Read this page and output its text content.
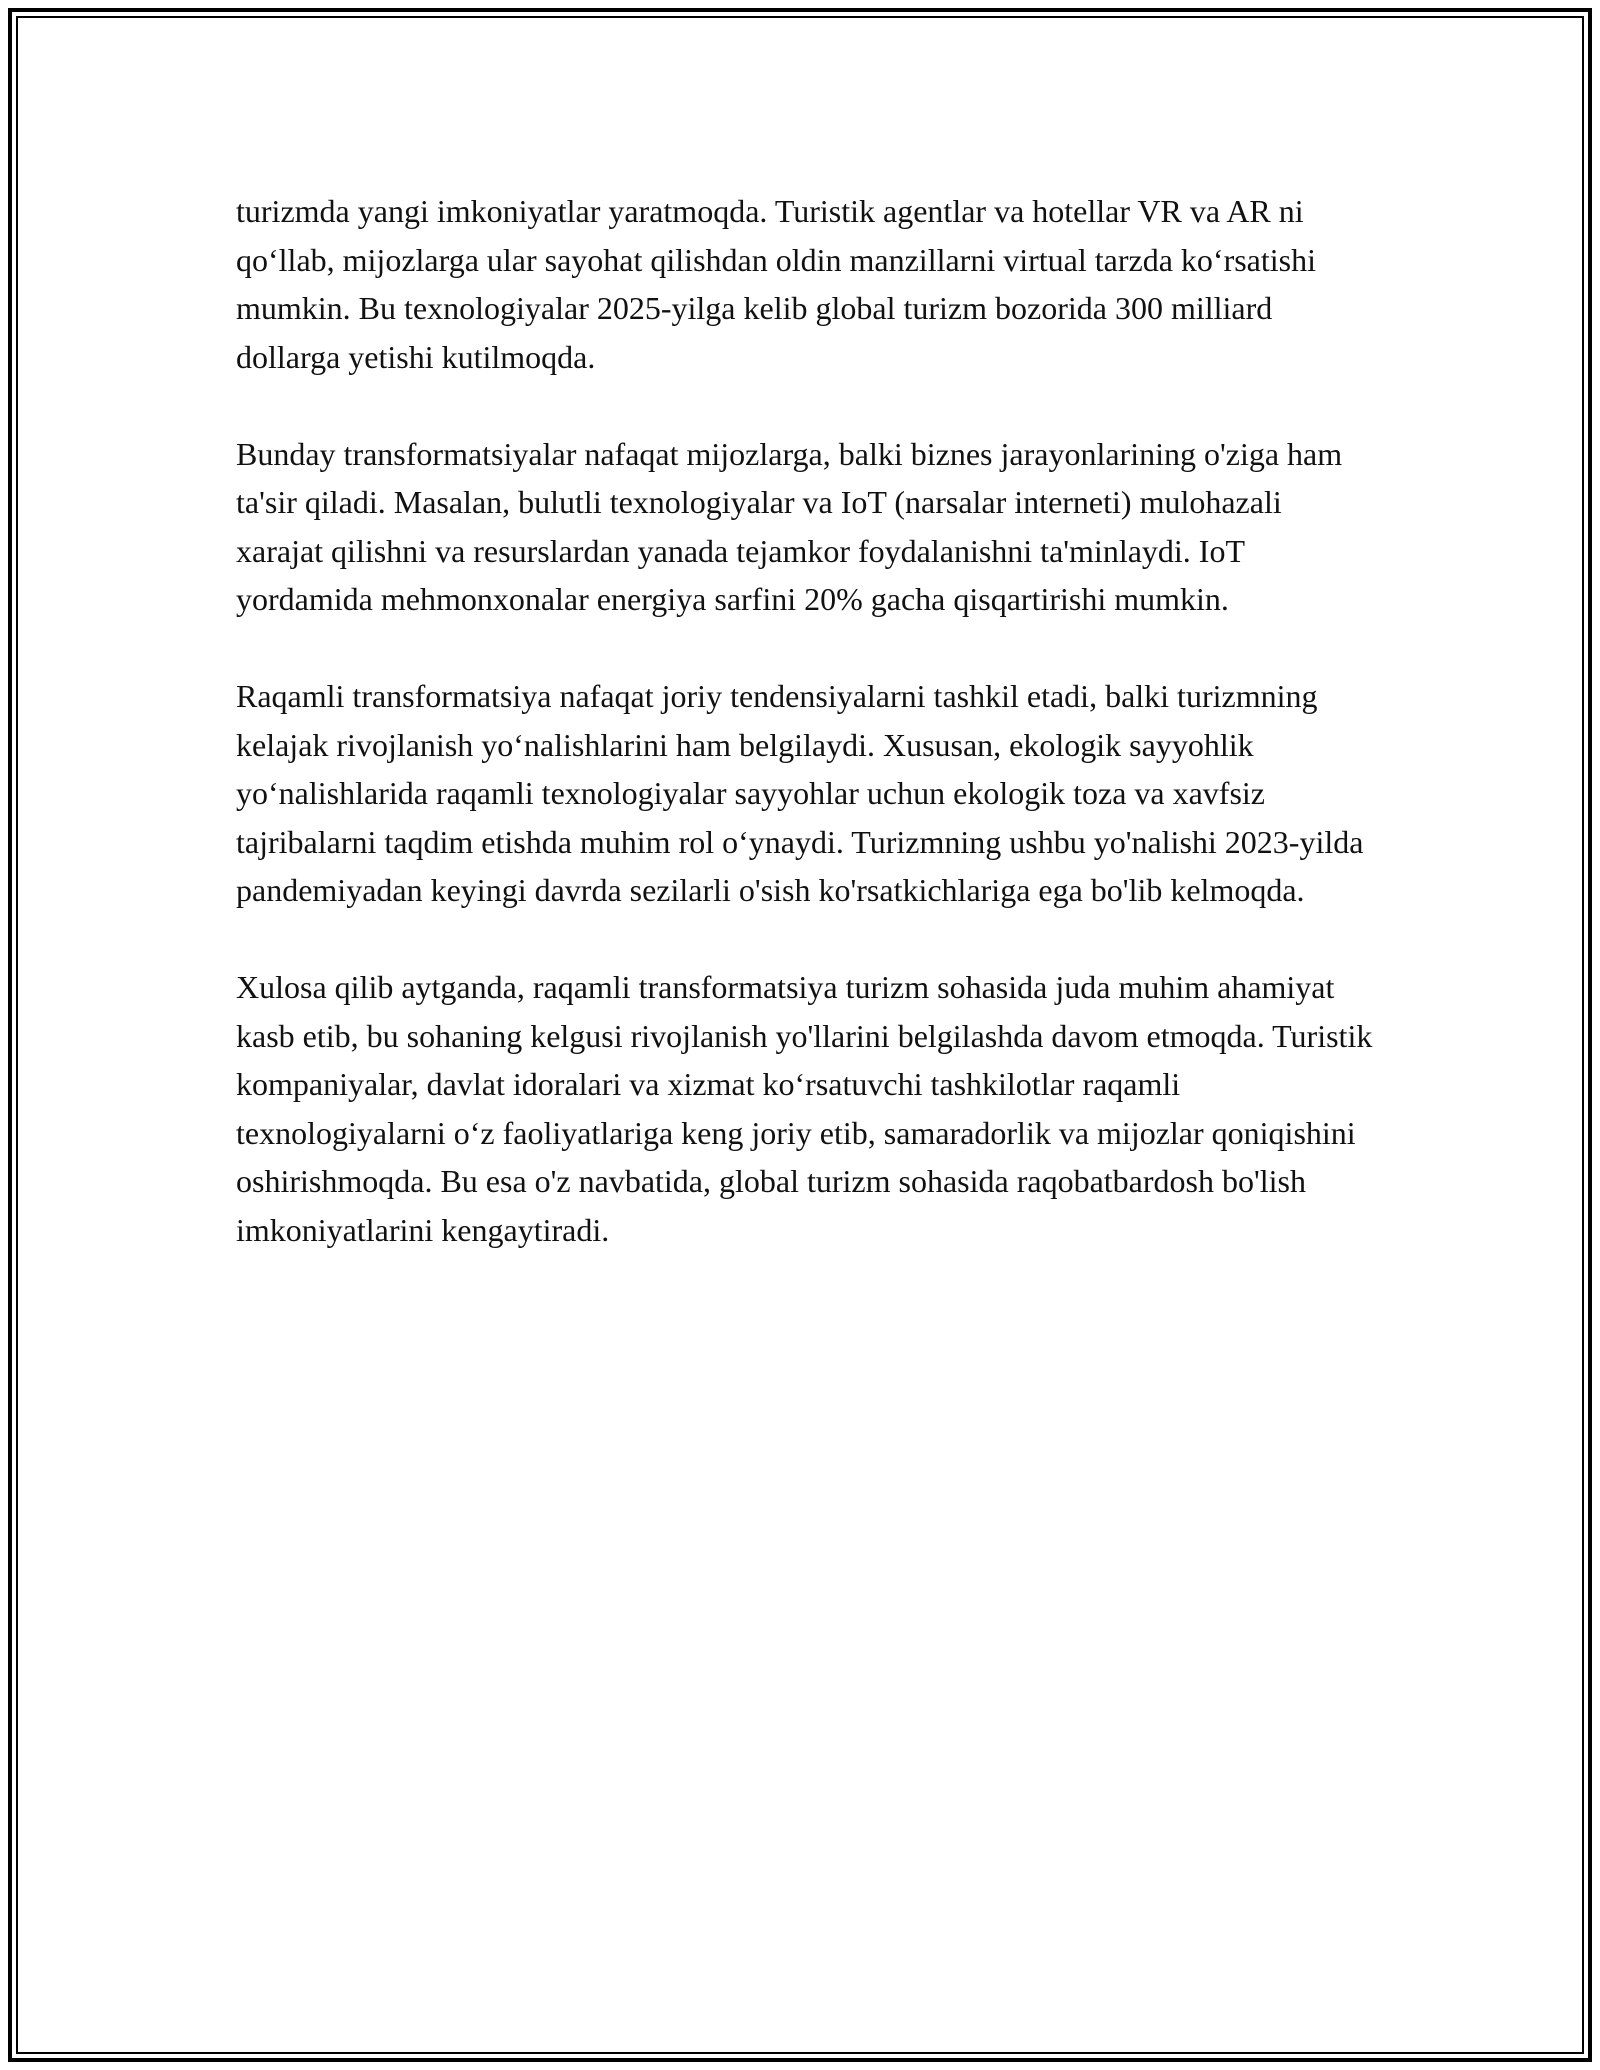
turizmda yangi imkoniyatlar yaratmoqda. Turistik agentlar va hotellar VR va AR ni qo‘llab, mijozlarga ular sayohat qilishdan oldin manzillarni virtual tarzda ko‘rsatishi mumkin. Bu texnologiyalar 2025-yilga kelib global turizm bozorida 300 milliard dollarga yetishi kutilmoqda.

Bunday transformatsiyalar nafaqat mijozlarga, balki biznes jarayonlarining o'ziga ham ta'sir qiladi. Masalan, bulutli texnologiyalar va IoT (narsalar interneti) mulohazali xarajat qilishni va resurslardan yanada tejamkor foydalanishni ta'minlaydi. IoT yordamida mehmonxonalar energiya sarfini 20% gacha qisqartirishi mumkin.

Raqamli transformatsiya nafaqat joriy tendensiyalarni tashkil etadi, balki turizmning kelajak rivojlanish yo‘nalishlarini ham belgilaydi. Xususan, ekologik sayyohlik yo‘nalishlarida raqamli texnologiyalar sayyohlar uchun ekologik toza va xavfsiz tajribalarni taqdim etishda muhim rol o‘ynaydi. Turizmning ushbu yo'nalishi 2023-yilda pandemiyadan keyingi davrda sezilarli o'sish ko'rsatkichlariga ega bo'lib kelmoqda.

Xulosa qilib aytganda, raqamli transformatsiya turizm sohasida juda muhim ahamiyat kasb etib, bu sohaning kelgusi rivojlanish yo'llarini belgilashda davom etmoqda. Turistik kompaniyalar, davlat idoralari va xizmat ko‘rsatuvchi tashkilotlar raqamli texnologiyalarni o‘z faoliyatlariga keng joriy etib, samaradorlik va mijozlar qoniqishini oshirishmoqda. Bu esa o'z navbatida, global turizm sohasida raqobatbardosh bo'lish imkoniyatlarini kengaytiradi.
